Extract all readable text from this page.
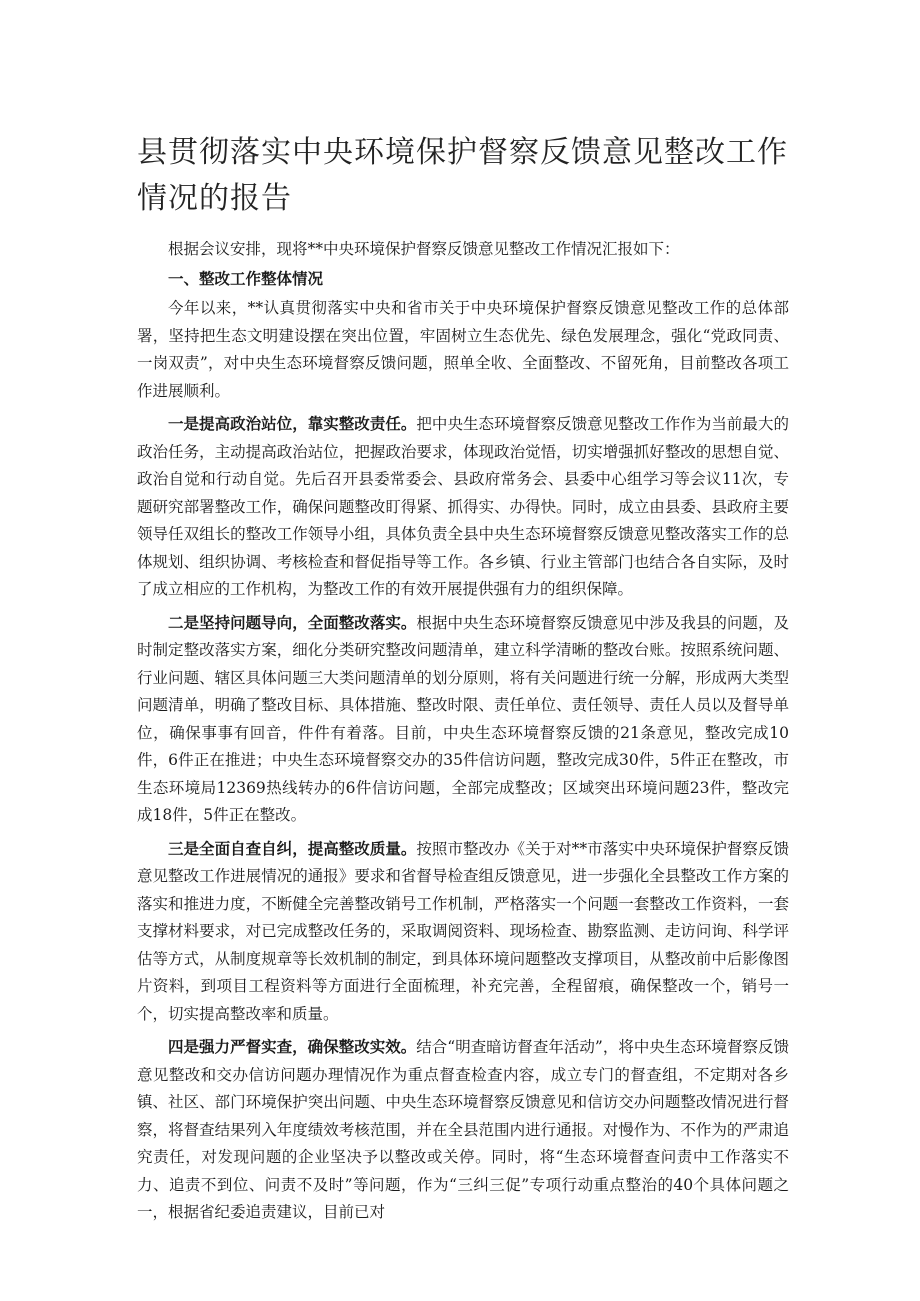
县贯彻落实中央环境保护督察反馈意见整改工作情况的报告

根据会议安排，现将**中央环境保护督察反馈意见整改工作情况汇报如下：

一、整改工作整体情况

今年以来，**认真贯彻落实中央和省市关于中央环境保护督察反馈意见整改工作的总体部署，坚持把生态文明建设摆在突出位置，牢固树立生态优先、绿色发展理念，强化“党政同责、一岗双责”，对中央生态环境督察反馈问题，照单全收、全面整改、不留死角，目前整改各项工作进展顺利。

一是提高政治站位，靠实整改责任。把中央生态环境督察反馈意见整改工作作为当前最大的政治任务，主动提高政治站位，把握政治要求，体现政治觉悟，切实增强抓好整改的思想自觉、政治自觉和行动自觉。先后召开县委常委会、县政府常务会、县委中心组学习等会议11次，专题研究部署整改工作，确保问题整改盯得紧、抓得实、办得快。同时，成立由县委、县政府主要领导任双组长的整改工作领导小组，具体负责全县中央生态环境督察反馈意见整改落实工作的总体规划、组织协调、考核检查和督促指导等工作。各乡镇、行业主管部门也结合各自实际，及时了成立相应的工作机构，为整改工作的有效开展提供强有力的组织保障。

二是坚持问题导向，全面整改落实。根据中央生态环境督察反馈意见中涉及我县的问题，及时制定整改落实方案，细化分类研究整改问题清单，建立科学清晰的整改台账。按照系统问题、行业问题、辖区具体问题三大类问题清单的划分原则，将有关问题进行统一分解，形成两大类型问题清单，明确了整改目标、具体措施、整改时限、责任单位、责任领导、责任人员以及督导单位，确保事事有回音，件件有着落。目前，中央生态环境督察反馈的21条意见，整改完成10件，6件正在推进；中央生态环境督察交办的35件信访问题，整改完成30件，5件正在整改，市生态环境局12369热线转办的6件信访问题，全部完成整改；区域突出环境问题23件，整改完成18件，5件正在整改。

三是全面自查自纠，提高整改质量。按照市整改办《关于对**市落实中央环境保护督察反馈意见整改工作进展情况的通报》要求和省督导检查组反馈意见，进一步强化全县整改工作方案的落实和推进力度，不断健全完善整改销号工作机制，严格落实一个问题一套整改工作资料，一套支撑材料要求，对已完成整改任务的，采取调阅资料、现场检查、勘察监测、走访问询、科学评估等方式，从制度规章等长效机制的制定，到具体环境问题整改支撑项目，从整改前中后影像图片资料，到项目工程资料等方面进行全面梳理，补充完善，全程留痕，确保整改一个，销号一个，切实提高整改率和质量。

四是强力严督实查，确保整改实效。结合“明查暗访督查年活动”，将中央生态环境督察反馈意见整改和交办信访问题办理情况作为重点督查检查内容，成立专门的督查组，不定期对各乡镇、社区、部门环境保护突出问题、中央生态环境督察反馈意见和信访交办问题整改情况进行督察，将督查结果列入年度绩效考核范围，并在全县范围内进行通报。对慢作为、不作为的严肃追究责任，对发现问题的企业坚决予以整改或关停。同时，将“生态环境督查问责中工作落实不力、追责不到位、问责不及时”等问题，作为“三纠三促”专项行动重点整治的40个具体问题之一，根据省纪委追责建议，目前已对
